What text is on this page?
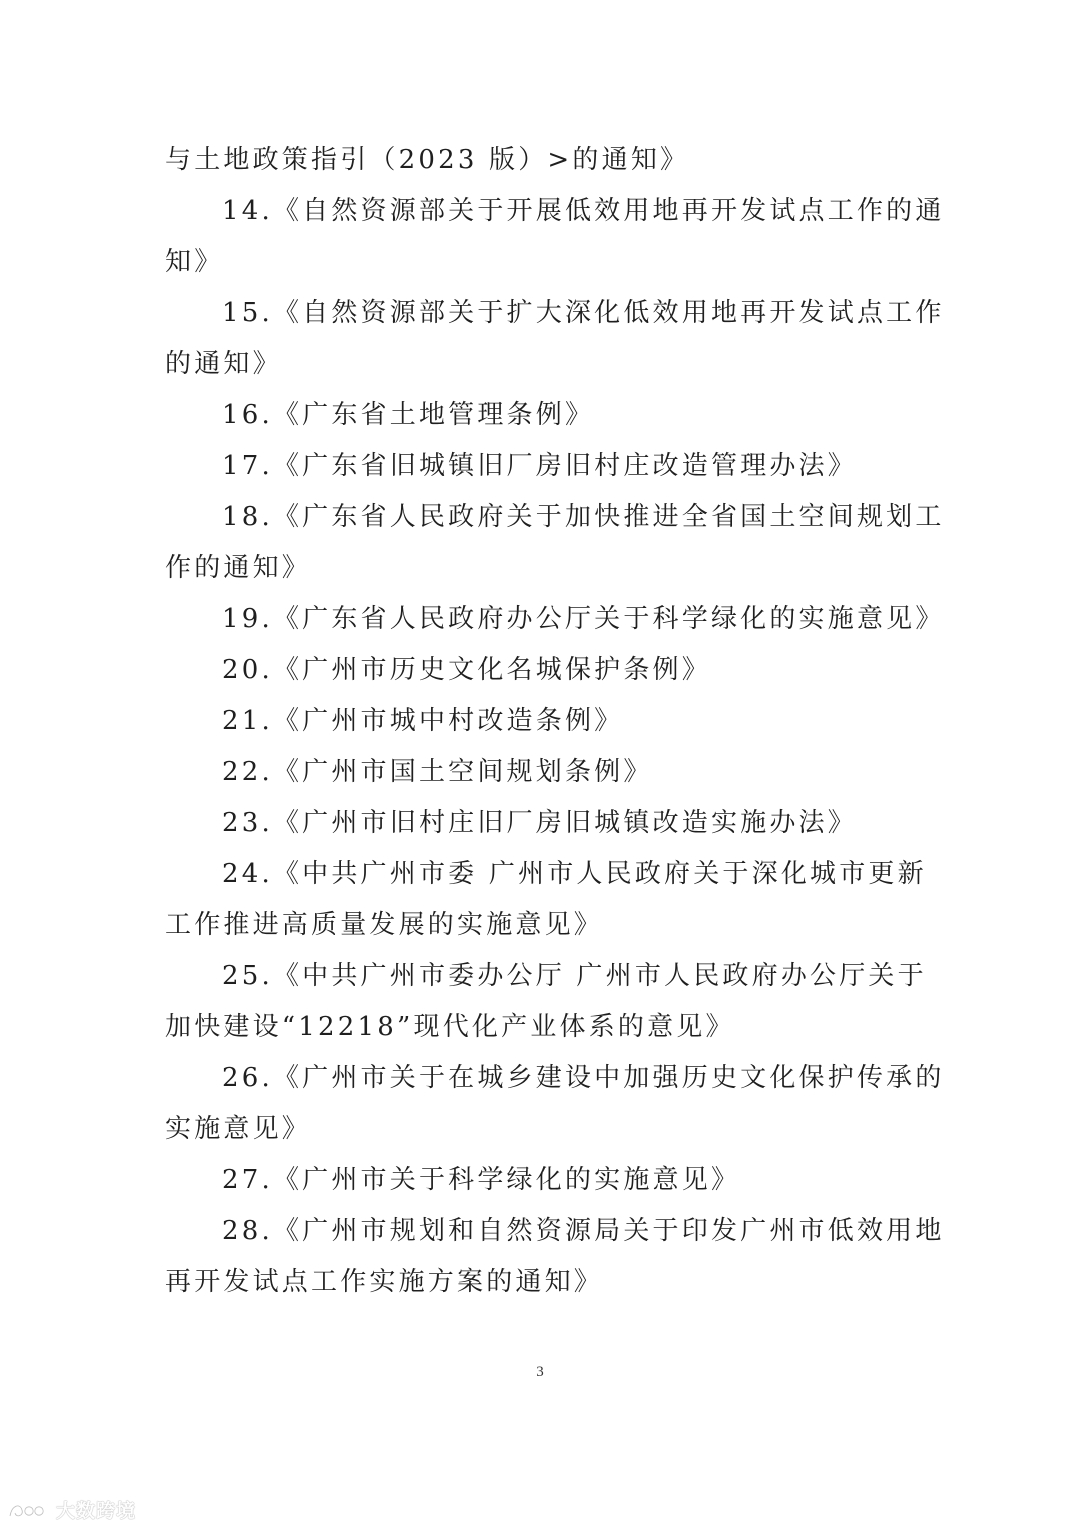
与土地政策指引（2023 版）>的通知》
14.《自然资源部关于开展低效用地再开发试点工作的通
知》
15.《自然资源部关于扩大深化低效用地再开发试点工作
的通知》
16.《广东省土地管理条例》
17.《广东省旧城镇旧厂房旧村庄改造管理办法》
18.《广东省人民政府关于加快推进全省国土空间规划工
作的通知》
19.《广东省人民政府办公厅关于科学绿化的实施意见》
20.《广州市历史文化名城保护条例》
21.《广州市城中村改造条例》
22.《广州市国土空间规划条例》
23.《广州市旧村庄旧厂房旧城镇改造实施办法》
24.《中共广州市委 广州市人民政府关于深化城市更新
工作推进高质量发展的实施意见》
25.《中共广州市委办公厅 广州市人民政府办公厅关于
加快建设“12218”现代化产业体系的意见》
26.《广州市关于在城乡建设中加强历史文化保护传承的
实施意见》
27.《广州市关于科学绿化的实施意见》
28.《广州市规划和自然资源局关于印发广州市低效用地
再开发试点工作实施方案的通知》
3
大数跨境
